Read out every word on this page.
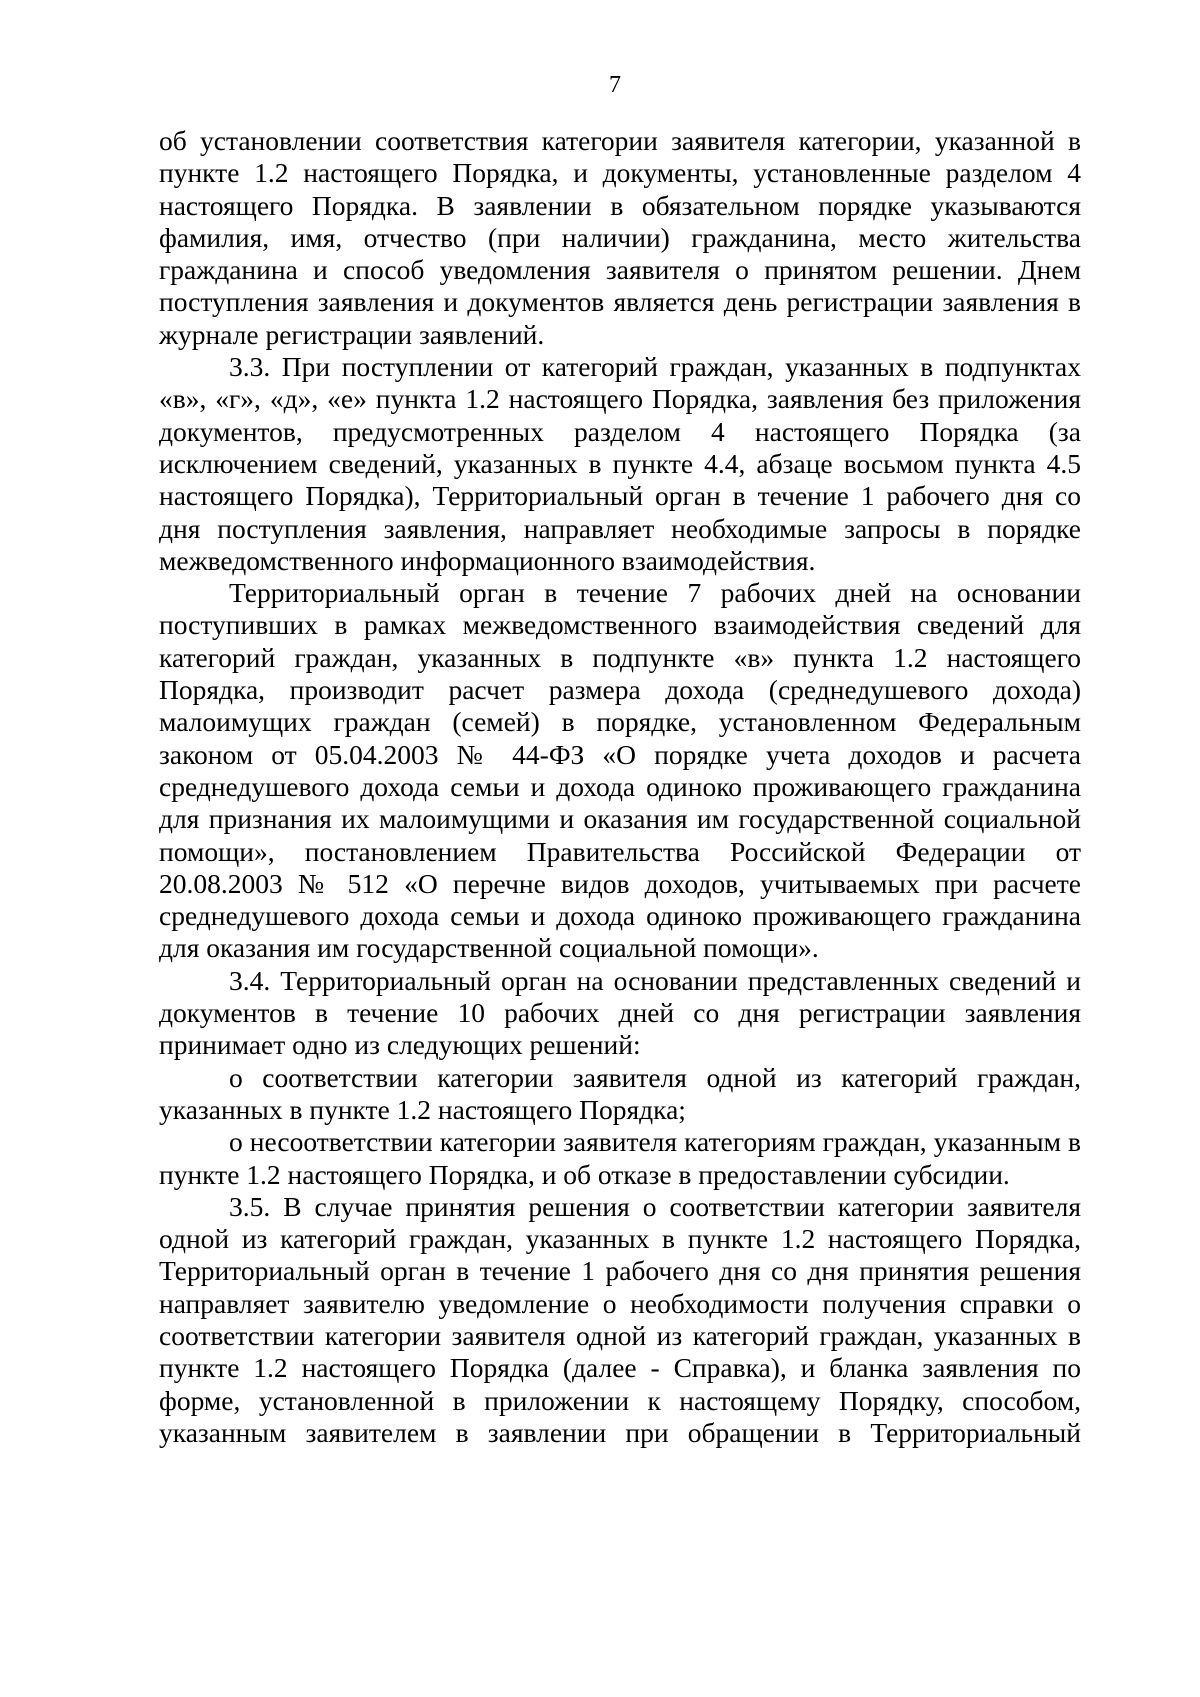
7

об установлении соответствия категории заявителя категории, указанной в пункте 1.2 настоящего Порядка, и документы, установленные разделом 4 настоящего Порядка. В заявлении в обязательном порядке указываются фамилия, имя, отчество (при наличии) гражданина, место жительства гражданина и способ уведомления заявителя о принятом решении. Днем поступления заявления и документов является день регистрации заявления в журнале регистрации заявлений.

3.3. При поступлении от категорий граждан, указанных в подпунктах «в», «г», «д», «е» пункта 1.2 настоящего Порядка, заявления без приложения документов, предусмотренных разделом 4 настоящего Порядка (за исключением сведений, указанных в пункте 4.4, абзаце восьмом пункта 4.5 настоящего Порядка), Территориальный орган в течение 1 рабочего дня со дня поступления заявления, направляет необходимые запросы в порядке межведомственного информационного взаимодействия.

Территориальный орган в течение 7 рабочих дней на основании поступивших в рамках межведомственного взаимодействия сведений для категорий граждан, указанных в подпункте «в» пункта 1.2 настоящего Порядка, производит расчет размера дохода (среднедушевого дохода) малоимущих граждан (семей) в порядке, установленном Федеральным законом от 05.04.2003 № 44-ФЗ «О порядке учета доходов и расчета среднедушевого дохода семьи и дохода одиноко проживающего гражданина для признания их малоимущими и оказания им государственной социальной помощи», постановлением Правительства Российской Федерации от 20.08.2003 № 512 «О перечне видов доходов, учитываемых при расчете среднедушевого дохода семьи и дохода одиноко проживающего гражданина для оказания им государственной социальной помощи».

3.4. Территориальный орган на основании представленных сведений и документов в течение 10 рабочих дней со дня регистрации заявления принимает одно из следующих решений:

о соответствии категории заявителя одной из категорий граждан, указанных в пункте 1.2 настоящего Порядка;

о несоответствии категории заявителя категориям граждан, указанным в пункте 1.2 настоящего Порядка, и об отказе в предоставлении субсидии.

3.5. В случае принятия решения о соответствии категории заявителя одной из категорий граждан, указанных в пункте 1.2 настоящего Порядка, Территориальный орган в течение 1 рабочего дня со дня принятия решения направляет заявителю уведомление о необходимости получения справки о соответствии категории заявителя одной из категорий граждан, указанных в пункте 1.2 настоящего Порядка (далее - Справка), и бланка заявления по форме, установленной в приложении к настоящему Порядку, способом, указанным заявителем в заявлении при обращении в Территориальный
